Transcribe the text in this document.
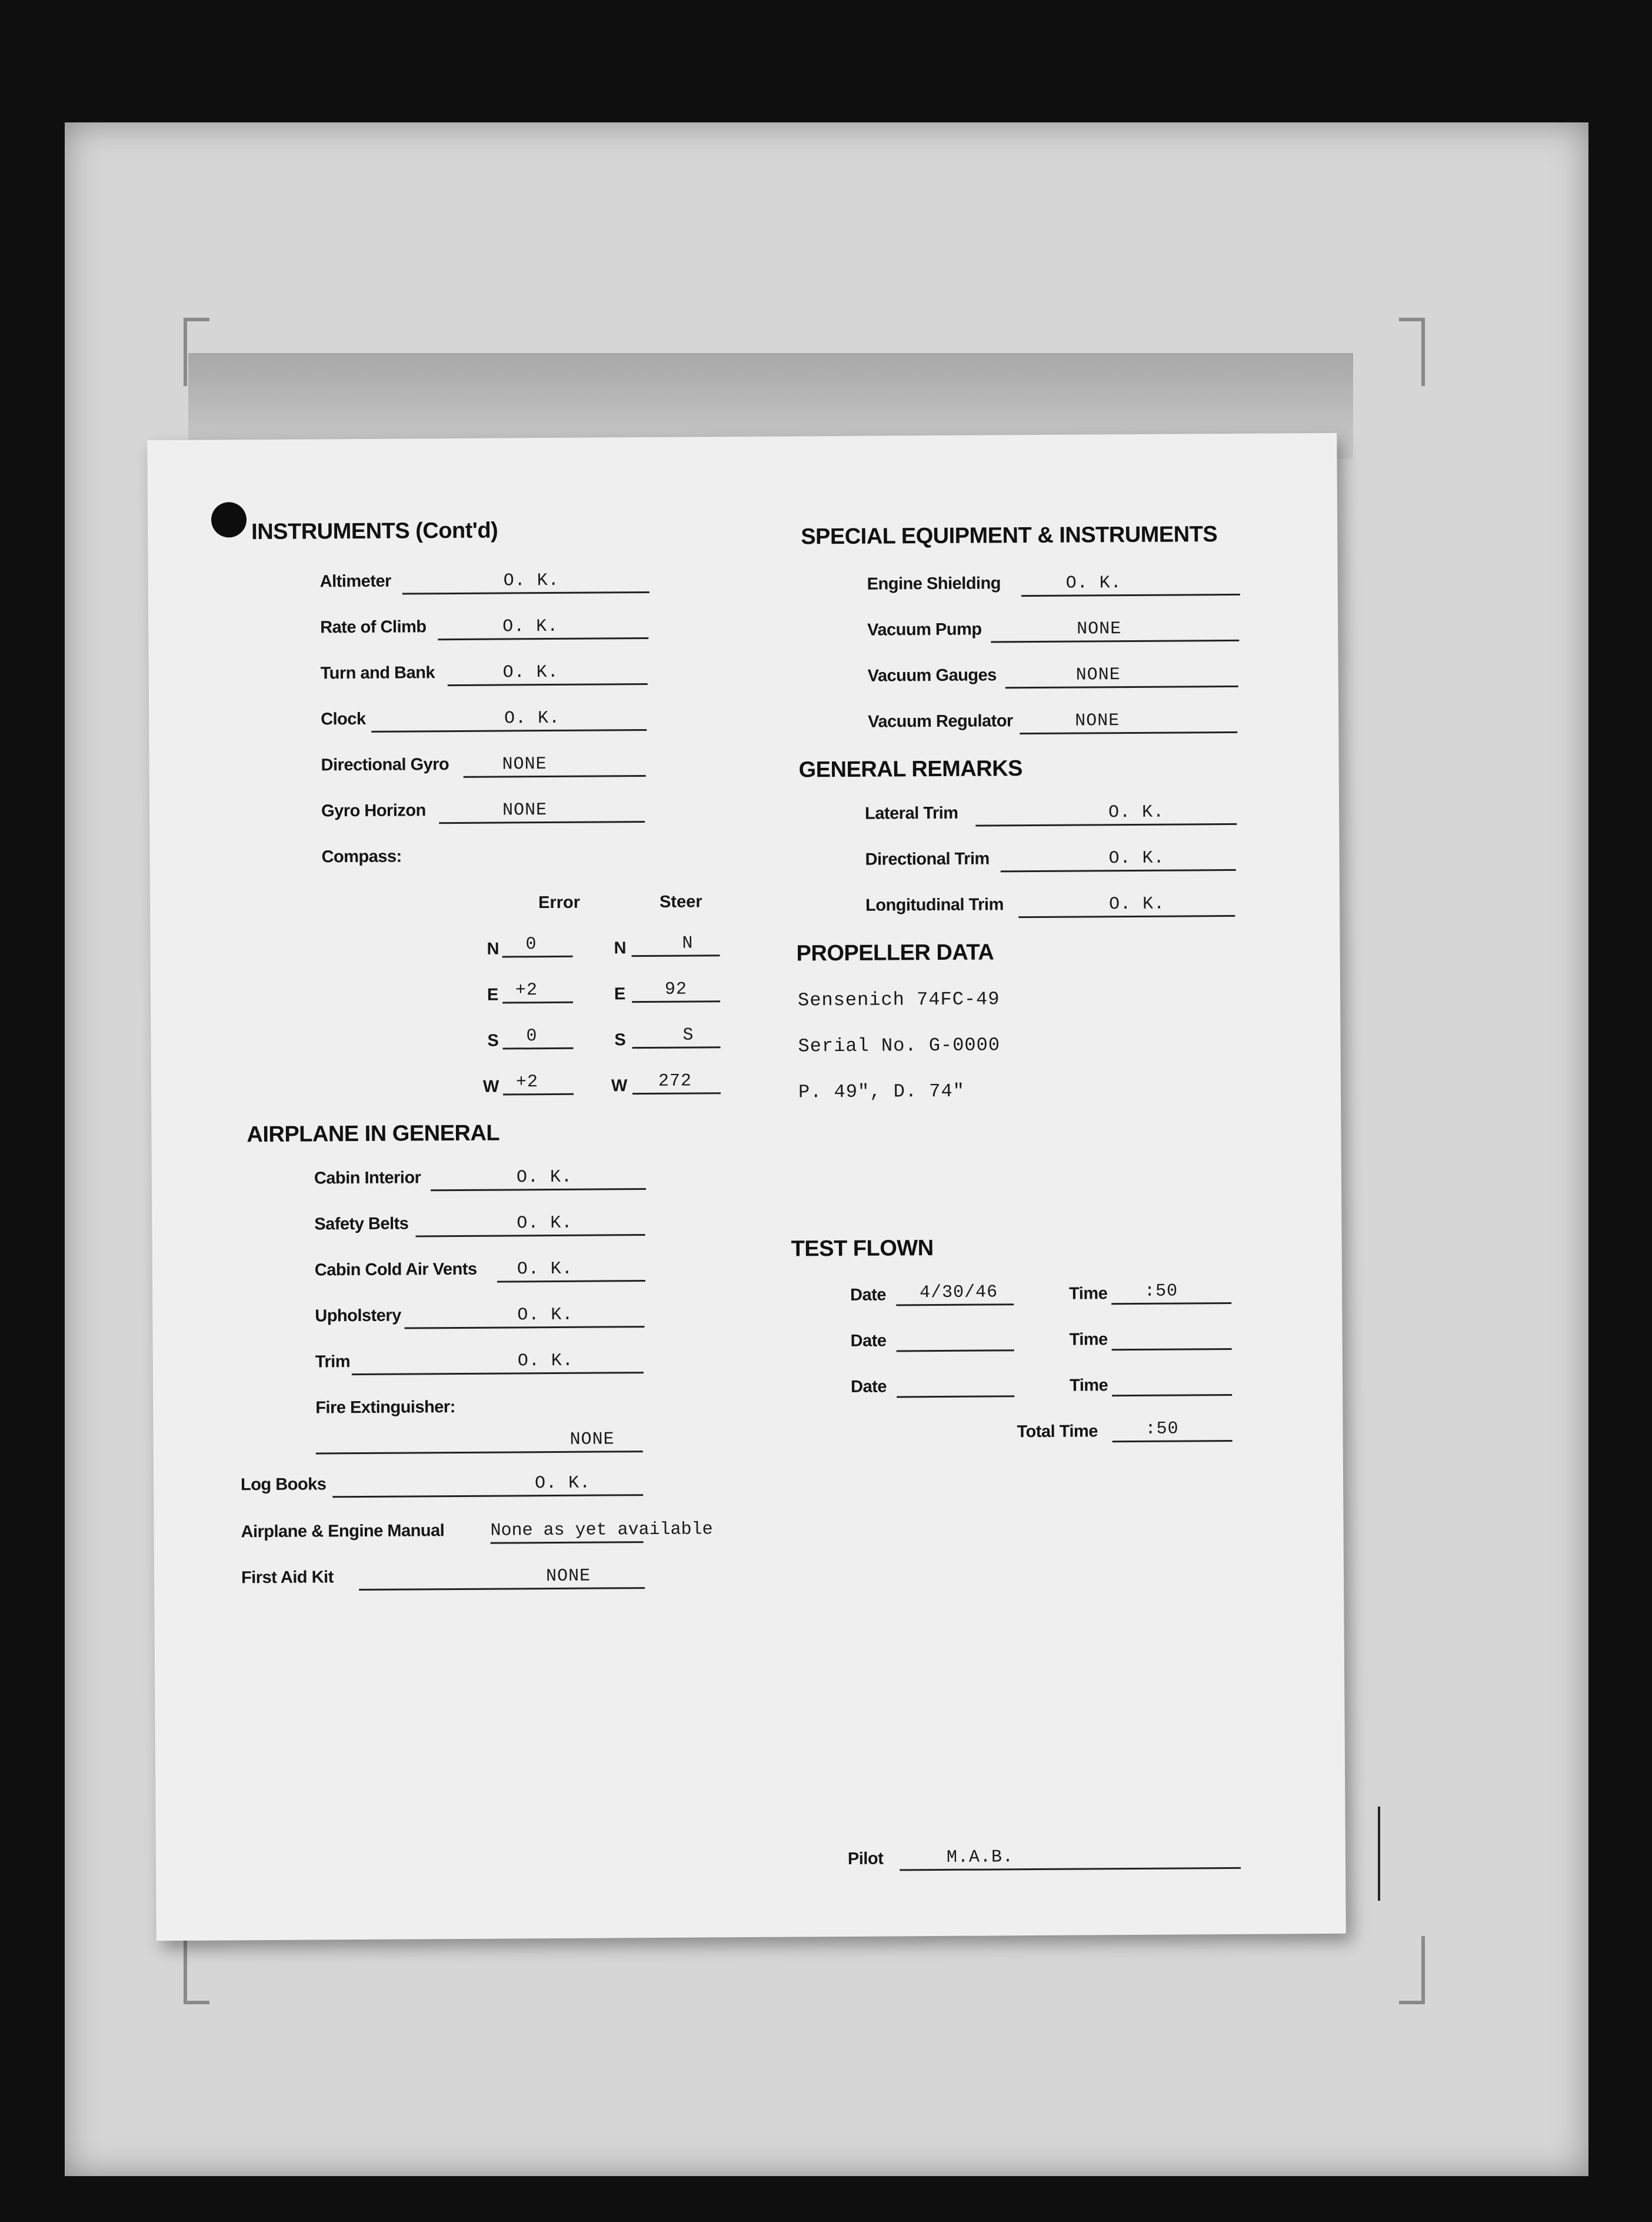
INSTRUMENTS (Cont'd)
Altimeter	O. K.
Rate of Climb	O. K.
Turn and Bank	O. K.
Clock	O. K.
Directional Gyro	NONE
Gyro Horizon	NONE
Compass:
Error	Steer
N 0	N	N
E +2	E 92
S 0	S	S
W +2	W 272
AIRPLANE IN GENERAL
Cabin Interior	O. K.
Safety Belts	O. K.
Cabin Cold Air Vents O. K.
Upholstery	O. K.
Trim	O. K.
Fire Extinguisher:
NONE
Log Books	O. K.
Airplane & Engine Manual	None as yet available
First Aid Kit	NONE
SPECIAL EQUIPMENT & INSTRUMENTS
Engine Shielding	O. K.
Vacuum Pump	NONE
Vacuum Gauges	NONE
Vacuum Regulator	NONE
GENERAL REMARKS
Lateral Trim	O. K.
Directional Trim	O. K.
Longitudinal Trim	O. K.
PROPELLER DATA
Sensenich 74FC-49
Serial No. G-0000
P. 49", D. 74"
TEST FLOWN
Date 4/30/46	Time :50
Date	Time
Date	Time
Total Time	:50
Pilot	M.A.B.
